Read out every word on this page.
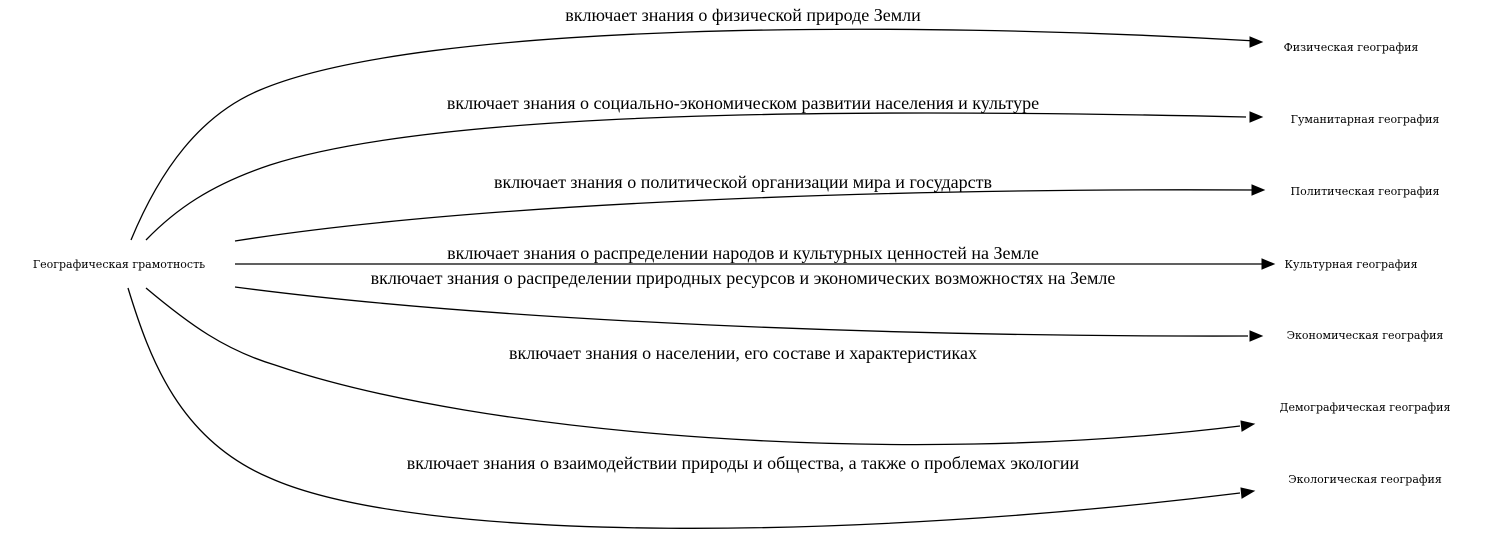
включает знания о физической природе Земли
включает знания о социально-экономическом развитии населения и культуре
включает знания о политической организации мира и государств
включает знания о распределении народов и культурных ценностей на Земле
включает знания о распределении природных ресурсов и экономических возможностях на Земле
включает знания о населении, его составе и характеристиках
включает знания о взаимодействии природы и общества, а также о проблемах экологии
Географическая грамотность
Физическая география
Гуманитарная география
Политическая география
Культурная география
Экономическая география
Демографическая география
Экологическая география
